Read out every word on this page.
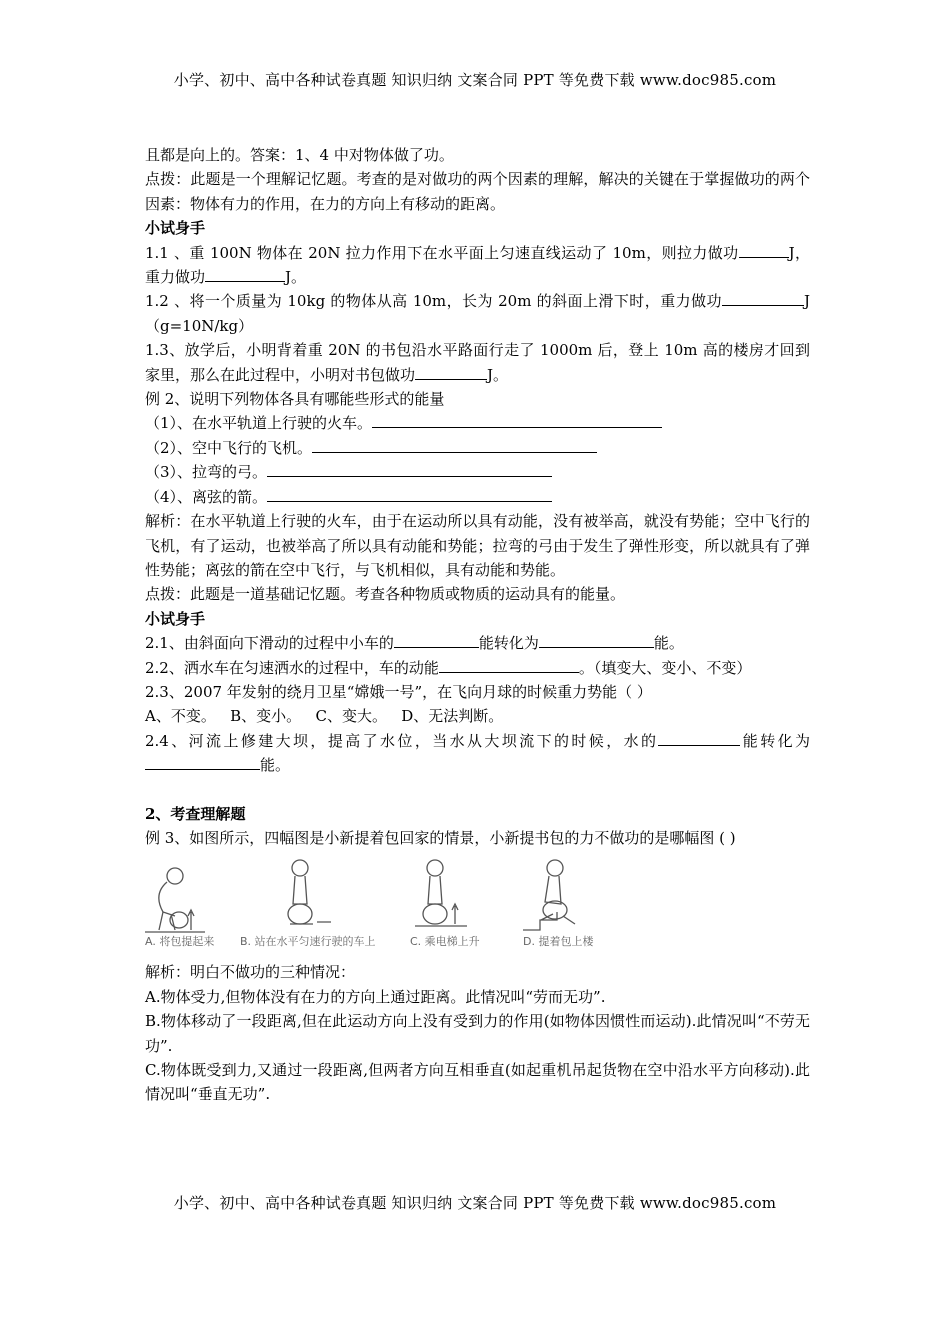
小学、初中、高中各种试卷真题 知识归纳 文案合同 PPT 等免费下载 www.doc985.com

且都是向上的。答案：1、4 中对物体做了功。

点拨：此题是一个理解记忆题。考查的是对做功的两个因素的理解，解决的关键在于掌握做功的两个因素：物体有力的作用，在力的方向上有移动的距离。

小试身手

1.1 、重 100N 物体在 20N 拉力作用下在水平面上匀速直线运动了 10m，则拉力做功	J，重力做功	J。

1.2 、将一个质量为 10kg 的物体从高 10m，长为 20m 的斜面上滑下时，重力做功	J（g=10N/kg）

1.3、放学后，小明背着重 20N 的书包沿水平路面行走了 1000m 后，登上 10m 高的楼房才回到家里，那么在此过程中，小明对书包做功	J。

例 2、说明下列物体各具有哪能些形式的能量

（1）、在水平轨道上行驶的火车。

（2）、空中飞行的飞机。

（3）、拉弯的弓。

（4）、离弦的箭。

解析：在水平轨道上行驶的火车，由于在运动所以具有动能，没有被举高，就没有势能；空中飞行的飞机，有了运动，也被举高了所以具有动能和势能；拉弯的弓由于发生了弹性形变，所以就具有了弹性势能；离弦的箭在空中飞行，与飞机相似，具有动能和势能。

点拨：此题是一道基础记忆题。考查各种物质或物质的运动具有的能量。

小试身手

2.1、由斜面向下滑动的过程中小车的	能转化为	能。

2.2、洒水车在匀速洒水的过程中，车的动能	。（填变大、变小、不变）

2.3、2007 年发射的绕月卫星“嫦娥一号”，在飞向月球的时候重力势能（ ）

A、不变。   B、变小。   C、变大。   D、无法判断。

2.4、河流上修建大坝，提高了水位，当水从大坝流下的时候，水的	能转化为能。

2、考查理解题

例 3、如图所示，四幅图是小新提着包回家的情景，小新提书包的力不做功的是哪幅图 ( )

A. 将包提起来 B. 站在水平匀速行驶的车上	C. 乘电梯上升	D. 提着包上楼

解析：明白不做功的三种情况：

A.物体受力,但物体没有在力的方向上通过距离。此情况叫“劳而无功”.

B.物体移动了一段距离,但在此运动方向上没有受到力的作用(如物体因惯性而运动).此情况叫“不劳无功”.

C.物体既受到力,又通过一段距离,但两者方向互相垂直(如起重机吊起货物在空中沿水平方向移动).此情况叫“垂直无功”.

小学、初中、高中各种试卷真题 知识归纳 文案合同 PPT 等免费下载 www.doc985.com
